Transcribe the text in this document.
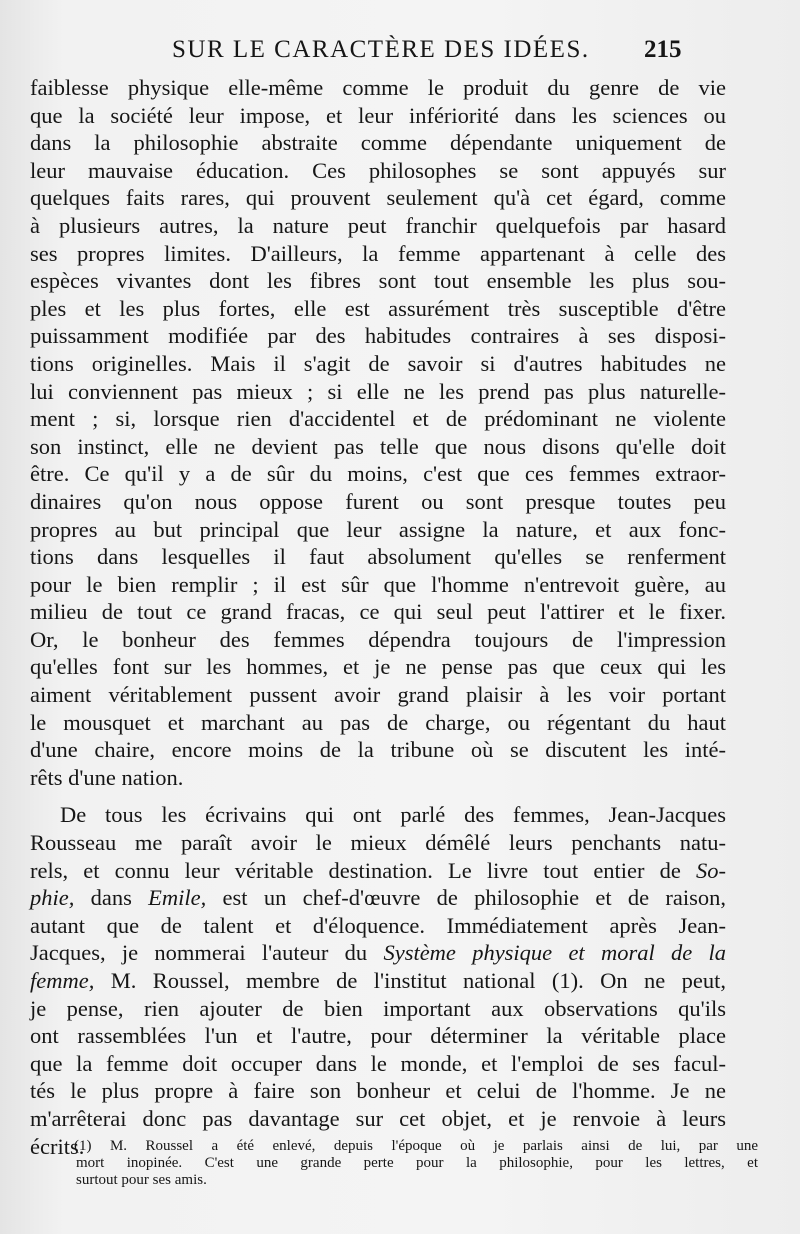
SUR LE CARACTÈRE DES IDÉES. 215
faiblesse physique elle-même comme le produit du genre de vie
que la société leur impose, et leur infériorité dans les sciences ou
dans la philosophie abstraite comme dépendante uniquement de
leur mauvaise éducation. Ces philosophes se sont appuyés sur
quelques faits rares, qui prouvent seulement qu'à cet égard, comme
à plusieurs autres, la nature peut franchir quelquefois par hasard
ses propres limites. D'ailleurs, la femme appartenant à celle des
espèces vivantes dont les fibres sont tout ensemble les plus sou-
ples et les plus fortes, elle est assurément très susceptible d'être
puissamment modifiée par des habitudes contraires à ses disposi-
tions originelles. Mais il s'agit de savoir si d'autres habitudes ne
lui conviennent pas mieux ; si elle ne les prend pas plus naturelle-
ment ; si, lorsque rien d'accidentel et de prédominant ne violente
son instinct, elle ne devient pas telle que nous disons qu'elle doit
être. Ce qu'il y a de sûr du moins, c'est que ces femmes extraor-
dinaires qu'on nous oppose furent ou sont presque toutes peu
propres au but principal que leur assigne la nature, et aux fonc-
tions dans lesquelles il faut absolument qu'elles se renferment
pour le bien remplir ; il est sûr que l'homme n'entrevoit guère, au
milieu de tout ce grand fracas, ce qui seul peut l'attirer et le fixer.
Or, le bonheur des femmes dépendra toujours de l'impression
qu'elles font sur les hommes, et je ne pense pas que ceux qui les
aiment véritablement pussent avoir grand plaisir à les voir portant
le mousquet et marchant au pas de charge, ou régentant du haut
d'une chaire, encore moins de la tribune où se discutent les inté-
rêts d'une nation.
De tous les écrivains qui ont parlé des femmes, Jean-Jacques
Rousseau me paraît avoir le mieux démêlé leurs penchants natu-
rels, et connu leur véritable destination. Le livre tout entier de So-
phie, dans Emile, est un chef-d'œuvre de philosophie et de raison,
autant que de talent et d'éloquence. Immédiatement après Jean-
Jacques, je nommerai l'auteur du Système physique et moral de la
femme, M. Roussel, membre de l'institut national (1). On ne peut,
je pense, rien ajouter de bien important aux observations qu'ils
ont rassemblées l'un et l'autre, pour déterminer la véritable place
que la femme doit occuper dans le monde, et l'emploi de ses facul-
tés le plus propre à faire son bonheur et celui de l'homme. Je ne
m'arrêterai donc pas davantage sur cet objet, et je renvoie à leurs
écrits.
(1) M. Roussel a été enlevé, depuis l'époque où je parlais ainsi de lui, par une
mort inopinée. C'est une grande perte pour la philosophie, pour les lettres, et
surtout pour ses amis.
